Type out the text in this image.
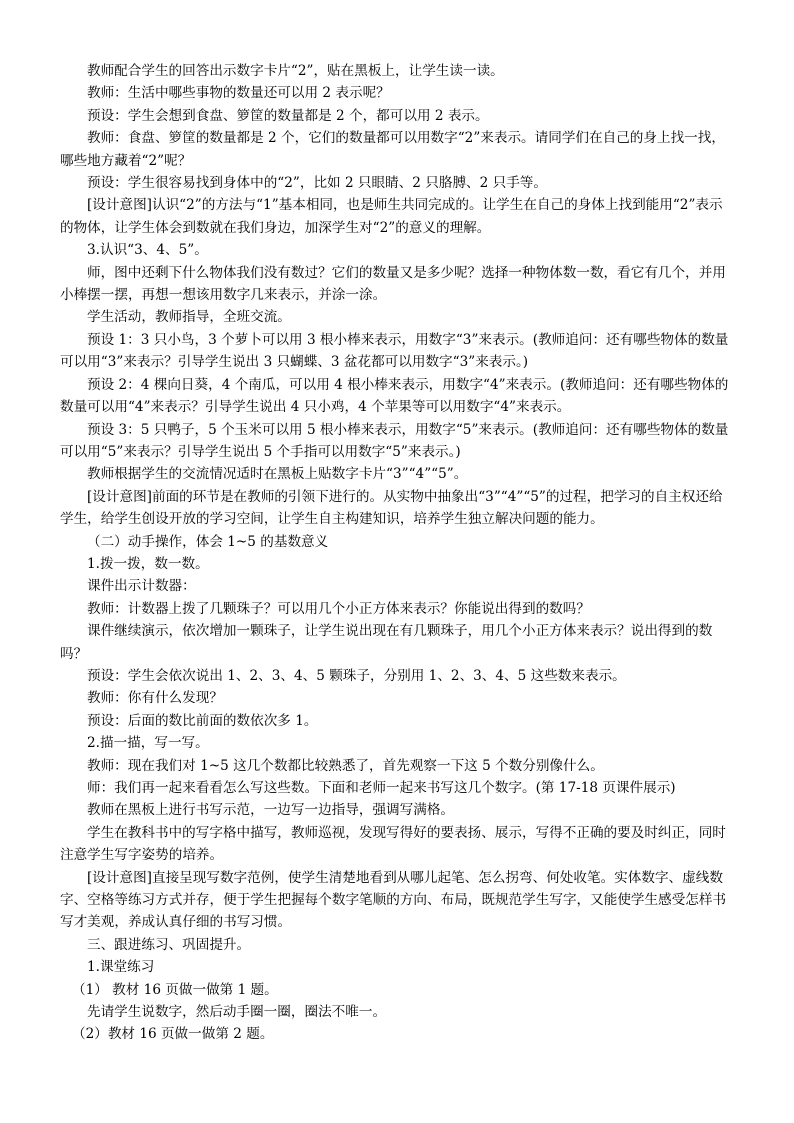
教师配合学生的回答出示数字卡片“2”，贴在黑板上，让学生读一读。

教师：生活中哪些事物的数量还可以用 2 表示呢？

预设：学生会想到食盘、箩筐的数量都是 2 个，都可以用 2 表示。

教师：食盘、箩筐的数量都是 2 个，它们的数量都可以用数字“2”来表示。请同学们在自己的身上找一找，哪些地方藏着“2”呢？

预设：学生很容易找到身体中的“2”，比如 2 只眼睛、2 只胳膊、2 只手等。

[设计意图]认识“2”的方法与“1”基本相同，也是师生共同完成的。让学生在自己的身体上找到能用“2”表示的物体，让学生体会到数就在我们身边，加深学生对“2”的意义的理解。

3.认识“3、4、5”。

师，图中还剩下什么物体我们没有数过？它们的数量又是多少呢？选择一种物体数一数，看它有几个，并用小棒摆一摆，再想一想该用数字几来表示，并涂一涂。

学生活动，教师指导，全班交流。

预设 1：3 只小鸟，3 个萝卜可以用 3 根小棒来表示，用数字“3”来表示。(教师追问：还有哪些物体的数量可以用“3”来表示？引导学生说出 3 只蝴蝶、3 盆花都可以用数字“3”来表示。)

预设 2：4 棵向日葵，4 个南瓜，可以用 4 根小棒来表示，用数字“4”来表示。(教师追问：还有哪些物体的数量可以用“4”来表示？引导学生说出 4 只小鸡，4 个苹果等可以用数字“4”来表示。

预设 3：5 只鸭子，5 个玉米可以用 5 根小棒来表示，用数字“5”来表示。(教师追问：还有哪些物体的数量可以用“5”来表示？引导学生说出 5 个手指可以用数字“5”来表示。)

教师根据学生的交流情况适时在黑板上贴数字卡片“3”“4”“5”。

[设计意图]前面的环节是在教师的引领下进行的。从实物中抽象出“3”“4”“5”的过程，把学习的自主权还给学生，给学生创设开放的学习空间，让学生自主构建知识，培养学生独立解决问题的能力。

（二）动手操作，体会 1~5 的基数意义

1.拨一拨，数一数。

课件出示计数器：

教师：计数器上拨了几颗珠子？可以用几个小正方体来表示？你能说出得到的数吗？

课件继续演示，依次增加一颗珠子，让学生说出现在有几颗珠子，用几个小正方体来表示？说出得到的数吗？

预设：学生会依次说出 1、2、3、4、5 颗珠子，分别用 1、2、3、4、5 这些数来表示。

教师：你有什么发现？

预设：后面的数比前面的数依次多 1。

2.描一描，写一写。

教师：现在我们对 1~5 这几个数都比较熟悉了，首先观察一下这 5 个数分别像什么。

师：我们再一起来看看怎么写这些数。下面和老师一起来书写这几个数字。(第 17-18 页课件展示)

教师在黑板上进行书写示范，一边写一边指导，强调写满格。

学生在教科书中的写字格中描写，教师巡视，发现写得好的要表扬、展示，写得不正确的要及时纠正，同时注意学生写字姿势的培养。

[设计意图]直接呈现写数字范例，使学生清楚地看到从哪儿起笔、怎么拐弯、何处收笔。实体数字、虚线数字、空格等练习方式并存，便于学生把握每个数字笔顺的方向、布局，既规范学生写字，又能使学生感受怎样书写才美观，养成认真仔细的书写习惯。

三、跟进练习、巩固提升。

1.课堂练习

（1） 教材 16 页做一做第 1 题。

先请学生说数字，然后动手圈一圈，圈法不唯一。

（2）教材 16 页做一做第 2 题。
